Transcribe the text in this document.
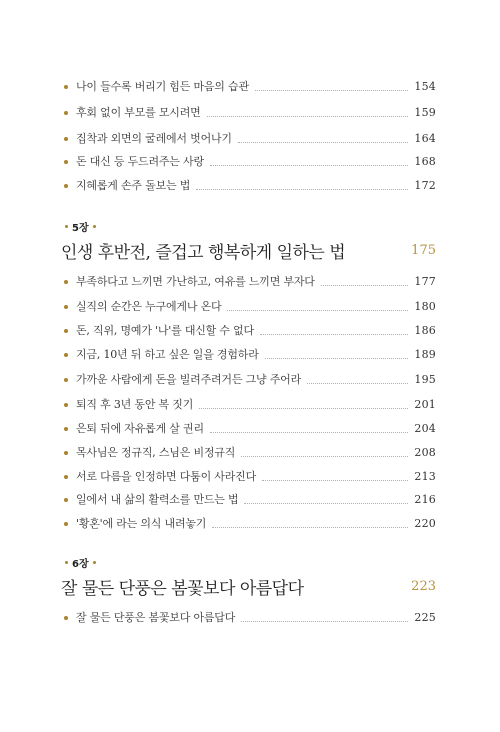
나이 들수록 버리기 힘든 마음의 습관	154
후회 없이 부모를 모시려면	159
집착과 외면의 굴레에서 벗어나기	164
돈 대신 등 두드려주는 사랑	168
지혜롭게 손주 돌보는 법	172
5장
인생 후반전, 즐겁고 행복하게 일하는 법	175
부족하다고 느끼면 가난하고, 여유를 느끼면 부자다	177
실직의 순간은 누구에게나 온다	180
돈, 직위, 명예가 '나'를 대신할 수 없다	186
지금, 10년 뒤 하고 싶은 일을 경험하라	189
가까운 사람에게 돈을 빌려주려거든 그냥 주어라	195
퇴직 후 3년 동안 복 짓기	201
은퇴 뒤에 자유롭게 살 권리	204
목사님은 정규직, 스님은 비정규직	208
서로 다름을 인정하면 다툼이 사라진다	213
일에서 내 삶의 활력소를 만드는 법	216
'황혼'에 라는 의식 내려놓기	220
6장
잘 물든 단풍은 봄꽃보다 아름답다	223
잘 물든 단풍은 봄꽃보다 아름답다	225
